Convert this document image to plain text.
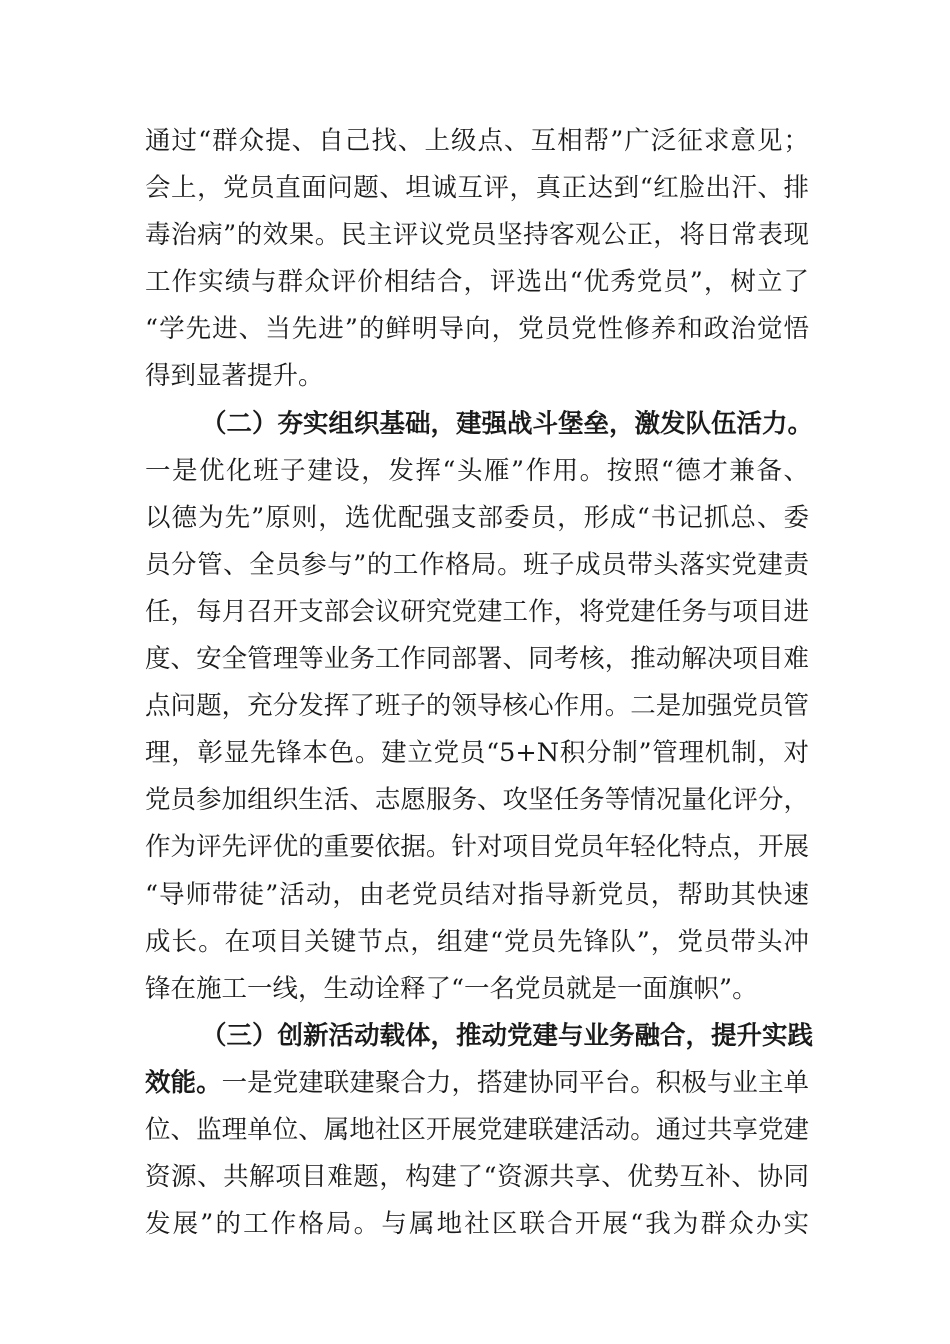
通过“群众提、自己找、上级点、互相帮”广泛征求意见；
会上，党员直面问题、坦诚互评，真正达到“红脸出汗、排
毒治病”的效果。民主评议党员坚持客观公正，将日常表现
工作实绩与群众评价相结合，评选出“优秀党员”，树立了
“学先进、当先进”的鲜明导向，党员党性修养和政治觉悟
得到显著提升。
（二）夯实组织基础，建强战斗堡垒，激发队伍活力。
一是优化班子建设，发挥“头雁”作用。按照“德才兼备、
以德为先”原则，选优配强支部委员，形成“书记抓总、委
员分管、全员参与”的工作格局。班子成员带头落实党建责
任，每月召开支部会议研究党建工作，将党建任务与项目进
度、安全管理等业务工作同部署、同考核，推动解决项目难
点问题，充分发挥了班子的领导核心作用。二是加强党员管
理，彰显先锋本色。建立党员“5+N积分制”管理机制，对
党员参加组织生活、志愿服务、攻坚任务等情况量化评分，
作为评先评优的重要依据。针对项目党员年轻化特点，开展
“导师带徒”活动，由老党员结对指导新党员，帮助其快速
成长。在项目关键节点，组建“党员先锋队”，党员带头冲
锋在施工一线，生动诠释了“一名党员就是一面旗帜”。
（三）创新活动载体，推动党建与业务融合，提升实践
效能。一是党建联建聚合力，搭建协同平台。积极与业主单
位、监理单位、属地社区开展党建联建活动。通过共享党建
资源、共解项目难题，构建了“资源共享、优势互补、协同
发展”的工作格局。与属地社区联合开展“我为群众办实
